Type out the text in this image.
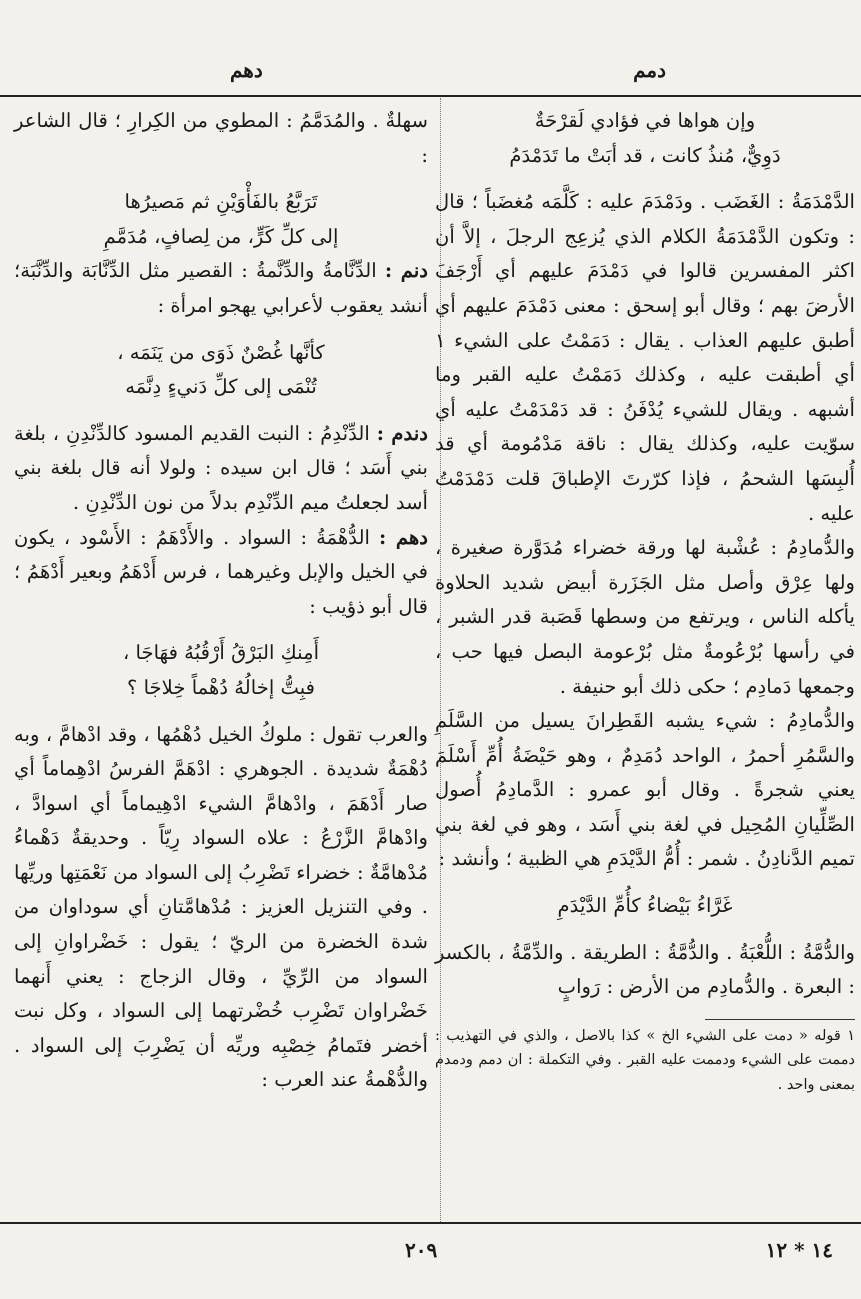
دمم
دهم

وإن هواها في فؤادي لَقرْحَةٌ

دَوِيٌّ، مُنذُ كانت ، قد أبَتْ ما تَدَمْدَمُ

الدَّمْدَمَةُ : الغَضَب . ودَمْدَمَ عليه : كَلَّمَه مُغضَباً ؛ قال : وتكون الدَّمْدَمَةُ الكلام الذي يُزعِج الرجلَ ، إلاَّ أن اكثر المفسرين قالوا في دَمْدَمَ عليهم أي أَرْجَفَ الأرضَ بهم ؛ وقال أبو إسحق : معنى دَمْدَمَ عليهم أي أطبق عليهم العذاب . يقال : دَمَمْتُ على الشيء ١ أي أطبقت عليه ، وكذلك دَمَمْتُ عليه القبر وما أشبهه . ويقال للشيء يُدْفَنُ : قد دَمْدَمْتُ عليه أي سوّيت عليه، وكذلك يقال : ناقة مَدْمُومة أي قد أُلبِسَها الشحمُ ، فإذا كرّرتَ الإطباقَ قلت دَمْدَمْتُ عليه .

والدُّمادِمُ : عُشْبة لها ورقة خضراء مُدَوَّرة صغيرة ، ولها عِرْق وأصل مثل الجَزَرة أبيض شديد الحلاوة يأكله الناس ، ويرتفع من وسطها قَصَبة قدر الشبر ، في رأسها بُرْعُومةٌ مثل بُرْعومة البصل فيها حب ، وجمعها دَمادِم ؛ حكى ذلك أبو حنيفة .

والدُّمادِمُ : شيء يشبه القَطِرانَ يسيل من السَّلَمِ والسَّمُرِ أحمرُ ، الواحد دُمَدِمٌ ، وهو حَيْضَةُ أُمِّ أَسْلَمَ يعني شجرةً . وقال أبو عمرو : الدَّمادِمُ أُصول الصِّلِّيانِ المُحِيل في لغة بني أَسَد ، وهو في لغة بني تميم الدَّنادِنُ . شمر : أُمُّ الدَّيْدَمِ هي الظبية ؛ وأنشد :

غَرَّاءُ بَيْضاءُ كأُمِّ الدَّيْدَمِ

والدُّمَّةُ : اللُّعْبَةُ . والدُّمَّةُ : الطريقة . والدِّمَّةُ ، بالكسر : البعرة . والدُّمادِم من الأرض : رَوابٍ

١ قوله « دمت على الشيء الخ » كذا بالاصل ، والذي في التهذيب : دممت على الشيء ودممت عليه القبر . وفي التكملة : ان دمم ودمدم بمعنى واحد .

سهلةٌ . والمُدَمَّمُ : المطوي من الكِرارِ ؛ قال الشاعر :

تَرَبَّعُ بالفَأْوَيْنِ ثم مَصيرُها

إلى كلِّ كَرٍّ، من لِصافٍ، مُدَمَّمِ

دنم : الدِّنَّامةُ والدِّنَّمةُ : القصير مثل الدِّنَّابَة والدِّنَّبَة؛ أنشد يعقوب لأعرابي يهجو امرأة :

كأنَّها غُصْنٌ ذَوَى من يَنَمَه ،

تُنْمَى إلى كلِّ دَنيءٍ دِنَّمَه

دندم : الدِّنْدِمُ : النبت القديم المسود كالدِّنْدِنِ ، بلغة بني أَسَد ؛ قال ابن سيده : ولولا أنه قال بلغة بني أسد لجعلتُ ميم الدِّنْدِم بدلاً من نون الدِّنْدِنِ .

دهم : الدُّهْمَةُ : السواد . والأَدْهَمُ : الأَسْود ، يكون في الخيل والإبل وغيرهما ، فرس أَدْهَمُ وبعير أَدْهَمُ ؛ قال أبو ذؤيب :

أَمِنكِ البَرْقُ أَرْقُبُهُ فهَاجَا ،

فبِتُّ إخالُهُ دُهْماً خِلاجَا ؟

والعرب تقول : ملوكُ الخيل دُهْمُها ، وقد ادْهامَّ ، وبه دُهْمَةٌ شديدة . الجوهري : ادْهَمَّ الفرسُ ادْهِماماً أي صار أَدْهَمَ ، وادْهامَّ الشيء ادْهِيماماً أي اسوادَّ ، وادْهامَّ الزَّرْعُ : علاه السواد رِيّاً . وحديقةٌ دَهْماءُ مُدْهامَّةٌ : خضراء تَضْرِبُ إلى السواد من نَعْمَتِها وريِّها . وفي التنزيل العزيز : مُدْهامَّتانِ أي سوداوان من شدة الخضرة من الريّ ؛ يقول : خَضْراوانِ إلى السواد من الرِّيِّ ، وقال الزجاج : يعني أَنهما خَضْراوان تَضْرِب خُضْرتهما إلى السواد ، وكل نبت أخضر فتَمامُ خِصْبِه وريِّه أن يَضْرِبَ إلى السواد . والدُّهْمةُ عند العرب :

٢٠٩	١٤ * ١٢
